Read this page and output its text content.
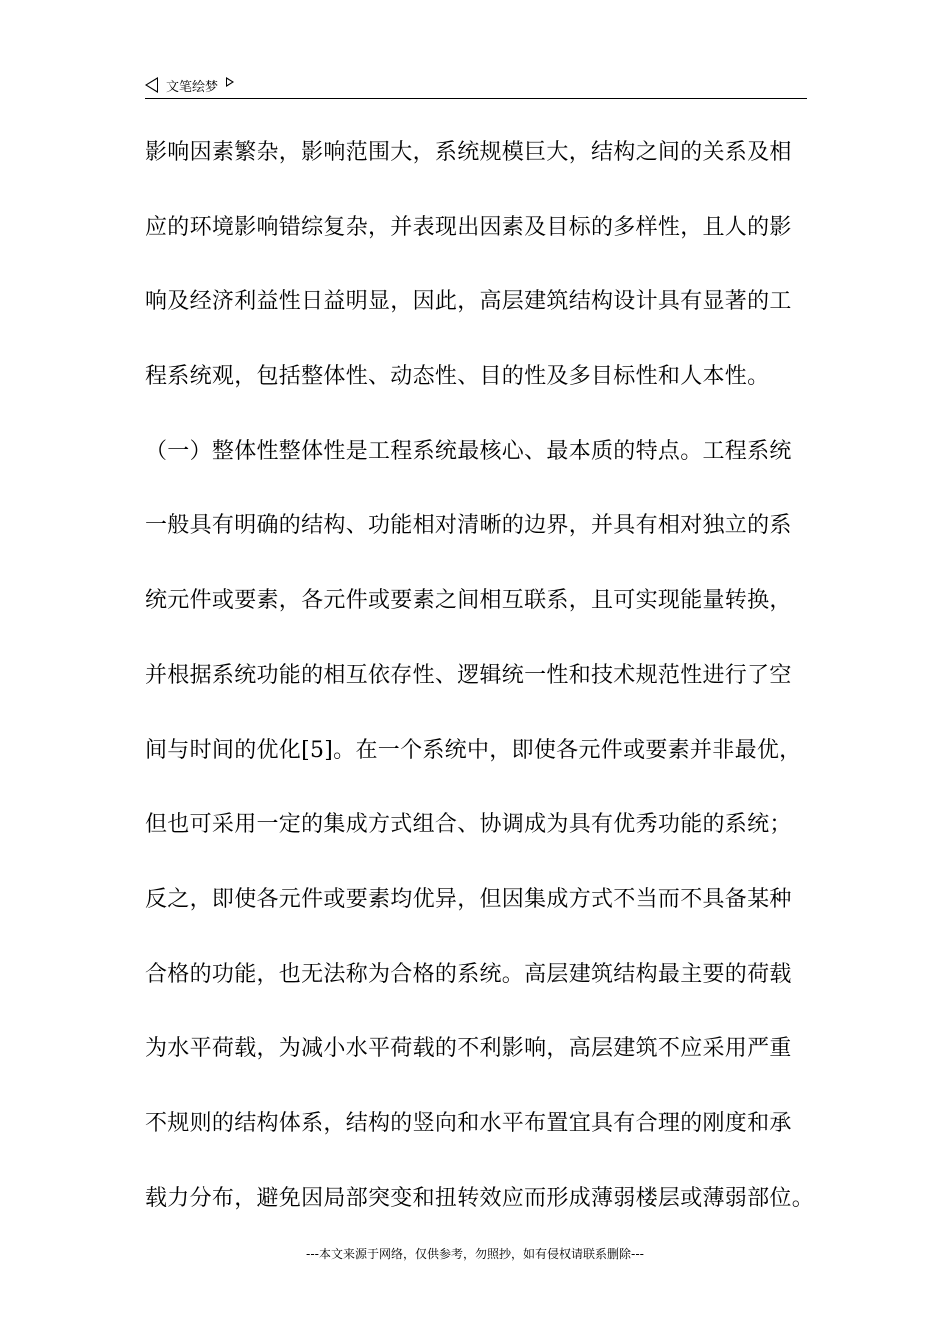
文笔绘梦
影响因素繁杂，影响范围大，系统规模巨大，结构之间的关系及相
应的环境影响错综复杂，并表现出因素及目标的多样性，且人的影
响及经济利益性日益明显，因此，高层建筑结构设计具有显著的工
程系统观，包括整体性、动态性、目的性及多目标性和人本性。
（一）整体性整体性是工程系统最核心、最本质的特点。工程系统
一般具有明确的结构、功能相对清晰的边界，并具有相对独立的系
统元件或要素，各元件或要素之间相互联系，且可实现能量转换，
并根据系统功能的相互依存性、逻辑统一性和技术规范性进行了空
间与时间的优化[5]。在一个系统中，即使各元件或要素并非最优，
但也可采用一定的集成方式组合、协调成为具有优秀功能的系统；
反之，即使各元件或要素均优异，但因集成方式不当而不具备某种
合格的功能，也无法称为合格的系统。高层建筑结构最主要的荷载
为水平荷载，为减小水平荷载的不利影响，高层建筑不应采用严重
不规则的结构体系，结构的竖向和水平布置宜具有合理的刚度和承
载力分布，避免因局部突变和扭转效应而形成薄弱楼层或薄弱部位。
---本文来源于网络，仅供参考，勿照抄，如有侵权请联系删除---
